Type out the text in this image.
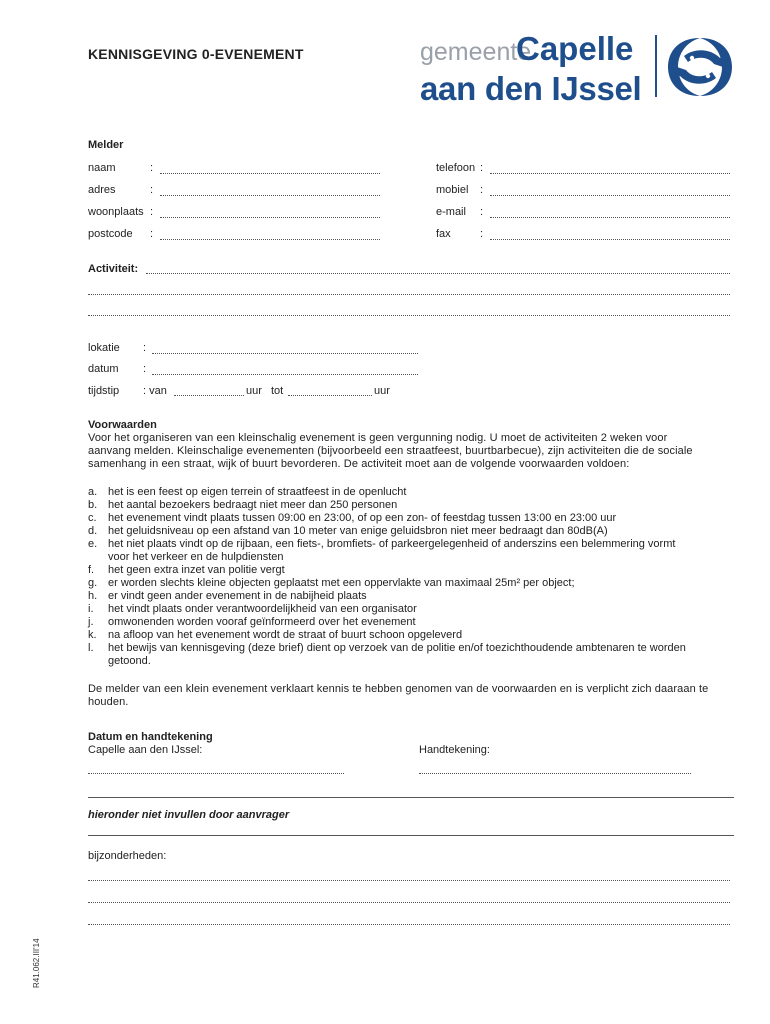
KENNISGEVING 0-EVENEMENT	gemeente
Capelle
aan den IJssel
Melder
naam	:
adres	:
woonplaats :
postcode :
telefoon :
mobiel :
e-mail :
fax	:
Activiteit:
lokatie :
datum :
tijdstip : van	uur tot	uur
Voorwaarden
Voor het organiseren van een kleinschalig evenement is geen vergunning nodig. U moet de activiteiten 2 weken voor
aanvang melden. Kleinschalige evenementen (bijvoorbeeld een straatfeest, buurtbarbecue), zijn activiteiten die de sociale
samenhang in een straat, wijk of buurt bevorderen. De activiteit moet aan de volgende voorwaarden voldoen:
a. het is een feest op eigen terrein of straatfeest in de openlucht
b. het aantal bezoekers bedraagt niet meer dan 250 personen
c.	het evenement vindt plaats tussen 09:00 en 23:00, of op een zon- of feestdag tussen 13:00 en 23:00 uur
d. het geluidsniveau op een afstand van 10 meter van enige geluidsbron niet meer bedraagt dan 80dB(A)
e. het niet plaats vindt op de rijbaan, een fiets-, bromfiets- of parkeergelegenheid of anderszins een belemmering vormt
voor het verkeer en de hulpdiensten
f.	het geen extra inzet van politie vergt
g. er worden slechts kleine objecten geplaatst met een oppervlakte van maximaal 25m² per object;
h. er vindt geen ander evenement in de nabijheid plaats
i.	het vindt plaats onder verantwoordelijkheid van een organisator
j.	omwonenden worden vooraf geïnformeerd over het evenement
k.	na afloop van het evenement wordt de straat of buurt schoon opgeleverd
l.	het bewijs van kennisgeving (deze brief) dient op verzoek van de politie en/of toezichthoudende ambtenaren te worden
getoond.
De melder van een klein evenement verklaart kennis te hebben genomen van de voorwaarden en is verplicht zich daaraan te
houden.
Datum en handtekening
Capelle aan den IJssel:	Handtekening:
hieronder niet invullen door aanvrager
bijzonderheden:
R41.062.III'14
